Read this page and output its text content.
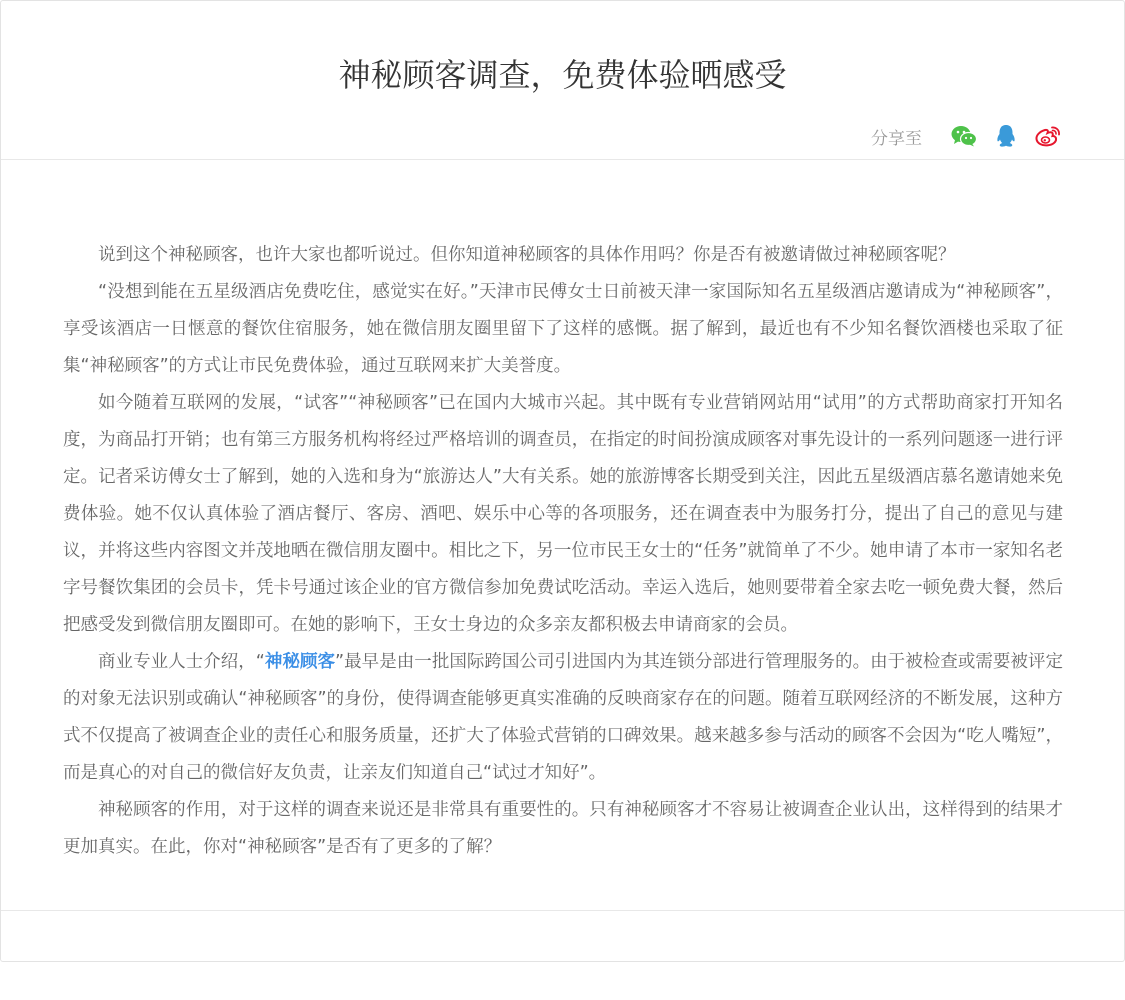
神秘顾客调查，免费体验晒感受
分享至

说到这个神秘顾客，也许大家也都听说过。但你知道神秘顾客的具体作用吗？你是否有被邀请做过神秘顾客呢？

“没想到能在五星级酒店免费吃住，感觉实在好。”天津市民傅女士日前被天津一家国际知名五星级酒店邀请成为“神秘顾客”，享受该酒店一日惬意的餐饮住宿服务，她在微信朋友圈里留下了这样的感慨。据了解到，最近也有不少知名餐饮酒楼也采取了征集“神秘顾客”的方式让市民免费体验，通过互联网来扩大美誉度。

如今随着互联网的发展，“试客”“神秘顾客”已在国内大城市兴起。其中既有专业营销网站用“试用”的方式帮助商家打开知名度，为商品打开销；也有第三方服务机构将经过严格培训的调查员，在指定的时间扮演成顾客对事先设计的一系列问题逐一进行评定。记者采访傅女士了解到，她的入选和身为“旅游达人”大有关系。她的旅游博客长期受到关注，因此五星级酒店慕名邀请她来免费体验。她不仅认真体验了酒店餐厅、客房、酒吧、娱乐中心等的各项服务，还在调查表中为服务打分，提出了自己的意见与建议，并将这些内容图文并茂地晒在微信朋友圈中。相比之下，另一位市民王女士的“任务”就简单了不少。她申请了本市一家知名老字号餐饮集团的会员卡，凭卡号通过该企业的官方微信参加免费试吃活动。幸运入选后，她则要带着全家去吃一顿免费大餐，然后把感受发到微信朋友圈即可。在她的影响下，王女士身边的众多亲友都积极去申请商家的会员。

商业专业人士介绍，“神秘顾客”最早是由一批国际跨国公司引进国内为其连锁分部进行管理服务的。由于被检查或需要被评定的对象无法识别或确认“神秘顾客”的身份，使得调查能够更真实准确的反映商家存在的问题。随着互联网经济的不断发展，这种方式不仅提高了被调查企业的责任心和服务质量，还扩大了体验式营销的口碑效果。越来越多参与活动的顾客不会因为“吃人嘴短”，而是真心的对自己的微信好友负责，让亲友们知道自己“试过才知好”。

神秘顾客的作用，对于这样的调查来说还是非常具有重要性的。只有神秘顾客才不容易让被调查企业认出，这样得到的结果才更加真实。在此，你对“神秘顾客”是否有了更多的了解？
